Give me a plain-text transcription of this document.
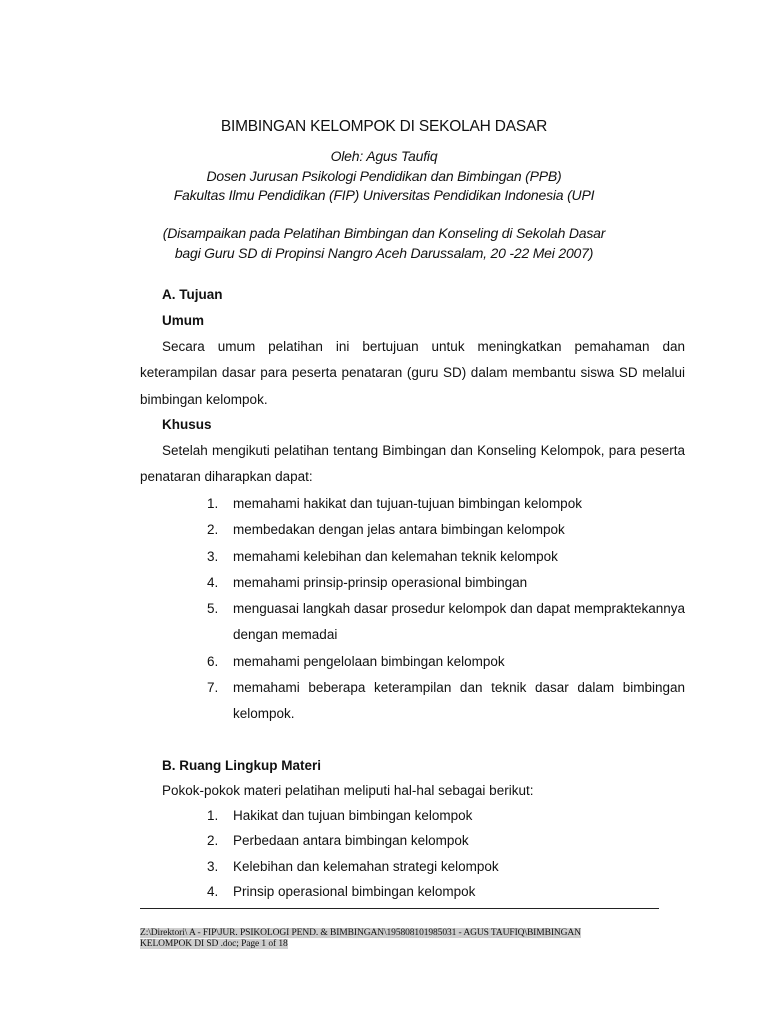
BIMBINGAN KELOMPOK DI SEKOLAH DASAR
Oleh: Agus Taufiq
Dosen Jurusan Psikologi Pendidikan dan Bimbingan (PPB)
Fakultas Ilmu Pendidikan (FIP) Universitas Pendidikan Indonesia (UPI
(Disampaikan pada Pelatihan Bimbingan dan Konseling di Sekolah Dasar
bagi Guru SD di Propinsi Nangro Aceh Darussalam, 20 -22 Mei 2007)
A. Tujuan
Umum
Secara umum pelatihan ini bertujuan untuk meningkatkan pemahaman dan keterampilan dasar para peserta penataran (guru SD) dalam membantu siswa SD melalui bimbingan kelompok.
Khusus
Setelah mengikuti pelatihan tentang Bimbingan dan Konseling Kelompok, para peserta penataran diharapkan dapat:
1. memahami hakikat dan tujuan-tujuan bimbingan kelompok
2. membedakan dengan jelas antara bimbingan kelompok
3. memahami kelebihan dan kelemahan teknik kelompok
4. memahami prinsip-prinsip operasional bimbingan
5. menguasai langkah dasar prosedur kelompok dan dapat mempraktekannya dengan memadai
6. memahami pengelolaan bimbingan kelompok
7. memahami beberapa keterampilan dan teknik dasar dalam bimbingan kelompok.
B. Ruang Lingkup Materi
Pokok-pokok materi pelatihan meliputi hal-hal sebagai berikut:
1. Hakikat dan tujuan bimbingan kelompok
2. Perbedaan antara bimbingan kelompok
3. Kelebihan dan kelemahan strategi kelompok
4. Prinsip operasional bimbingan kelompok
Z:\Direktori\ A - FIP\JUR. PSIKOLOGI PEND. & BIMBINGAN\195808101985031 - AGUS TAUFIQ\BIMBINGAN
KELOMPOK DI SD .doc; Page 1 of 18
